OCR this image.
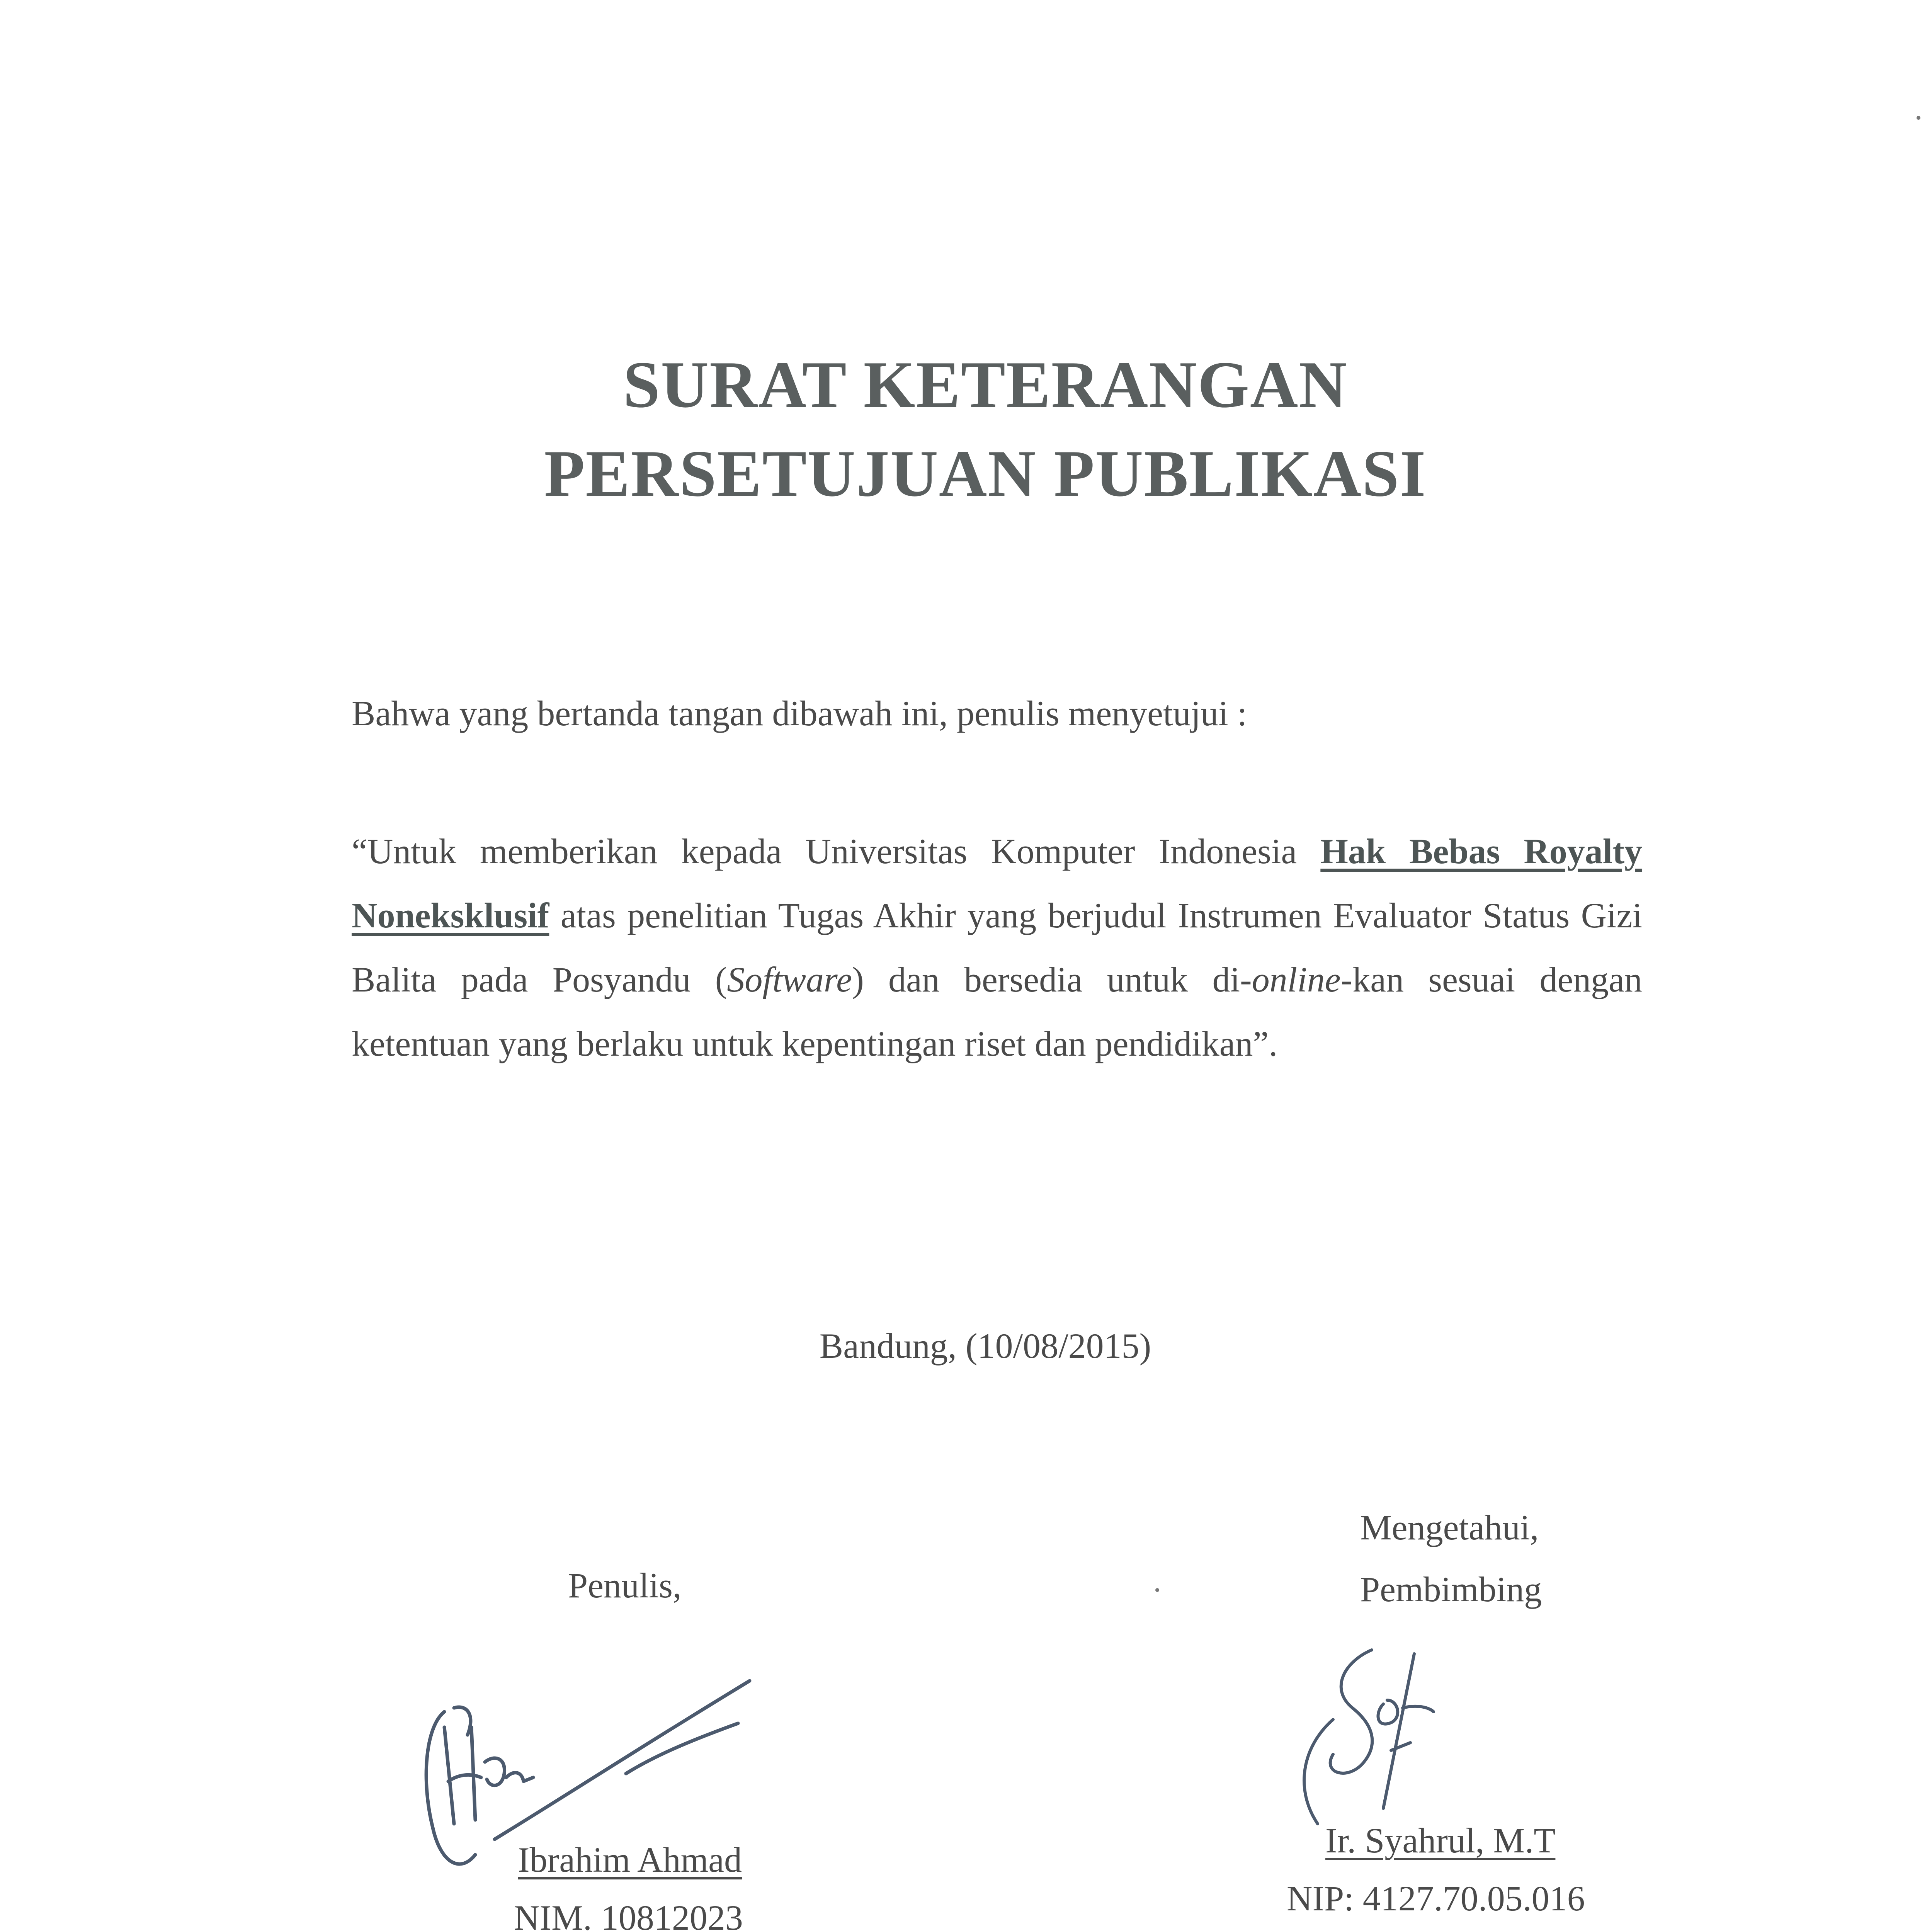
SURAT KETERANGAN
PERSETUJUAN PUBLIKASI

Bahwa yang bertanda tangan dibawah ini, penulis menyetujui :

“Untuk memberikan kepada Universitas Komputer Indonesia Hak Bebas Royalty Noneksklusif atas penelitian Tugas Akhir yang berjudul Instrumen Evaluator Status Gizi Balita pada Posyandu (Software) dan bersedia untuk di-online-kan sesuai dengan ketentuan yang berlaku untuk kepentingan riset dan pendidikan”.

Bandung, (10/08/2015)

Penulis,
Ibrahim Ahmad
NIM. 10812023
Mengetahui,
Pembimbing
Ir. Syahrul, M.T
NIP: 4127.70.05.016
